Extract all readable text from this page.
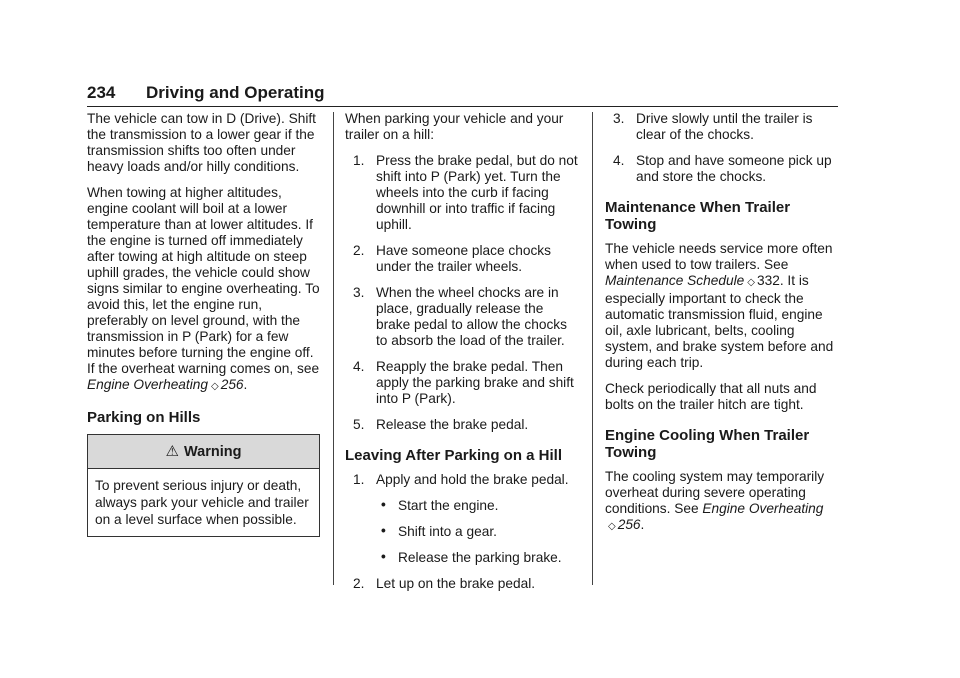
234 Driving and Operating

The vehicle can tow in D (Drive). Shift the transmission to a lower gear if the transmission shifts too often under heavy loads and/or hilly conditions.

When towing at higher altitudes, engine coolant will boil at a lower temperature than at lower altitudes. If the engine is turned off immediately after towing at high altitude on steep uphill grades, the vehicle could show signs similar to engine overheating. To avoid this, let the engine run, preferably on level ground, with the transmission in P (Park) for a few minutes before turning the engine off. If the overheat warning comes on, see
Engine Overheating ◇ 256.

Parking on Hills
⚠ Warning
To prevent serious injury or death, always park your vehicle and trailer on a level surface when possible.

When parking your vehicle and your trailer on a hill:

1. Press the brake pedal, but do not shift into P (Park) yet. Turn the wheels into the curb if facing downhill or into traffic if facing uphill.
2. Have someone place chocks under the trailer wheels.
3. When the wheel chocks are in place, gradually release the brake pedal to allow the chocks to absorb the load of the trailer.
4. Reapply the brake pedal. Then apply the parking brake and shift into P (Park).
5. Release the brake pedal.
Leaving After Parking on a Hill
1. Apply and hold the brake pedal.
• Start the engine.
• Shift into a gear.
• Release the parking brake.
2. Let up on the brake pedal.
3. Drive slowly until the trailer is clear of the chocks.
4. Stop and have someone pick up and store the chocks.
Maintenance When Trailer Towing

The vehicle needs service more often when used to tow trailers. See
Maintenance Schedule ◇ 332. It is especially important to check the automatic transmission fluid, engine oil, axle lubricant, belts, cooling system, and brake system before and during each trip.

Check periodically that all nuts and bolts on the trailer hitch are tight.

Engine Cooling When Trailer Towing

The cooling system may temporarily overheat during severe operating conditions. See Engine Overheating
◇ 256.
